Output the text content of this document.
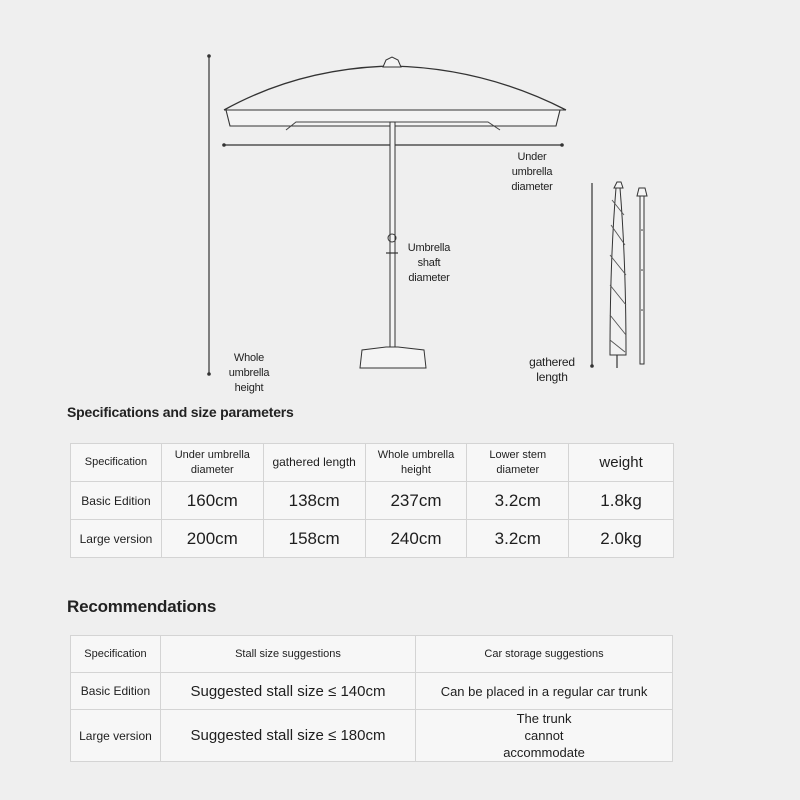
Under umbrella diameter
Umbrella shaft diameter
Whole umbrella height
gathered length
Specifications and size parameters
Specification	Under umbrella diameter	gathered length	Whole umbrella height	Lower stem diameter	weight
Basic Edition	160cm	138cm	237cm	3.2cm	1.8kg
Large version	200cm	158cm	240cm	3.2cm	2.0kg
Recommendations
Specification	Stall size suggestions	Car storage suggestions
Basic Edition	Suggested stall size ≤ 140cm	Can be placed in a regular car trunk
Large version	Suggested stall size ≤ 180cm	The trunk cannot accommodate
